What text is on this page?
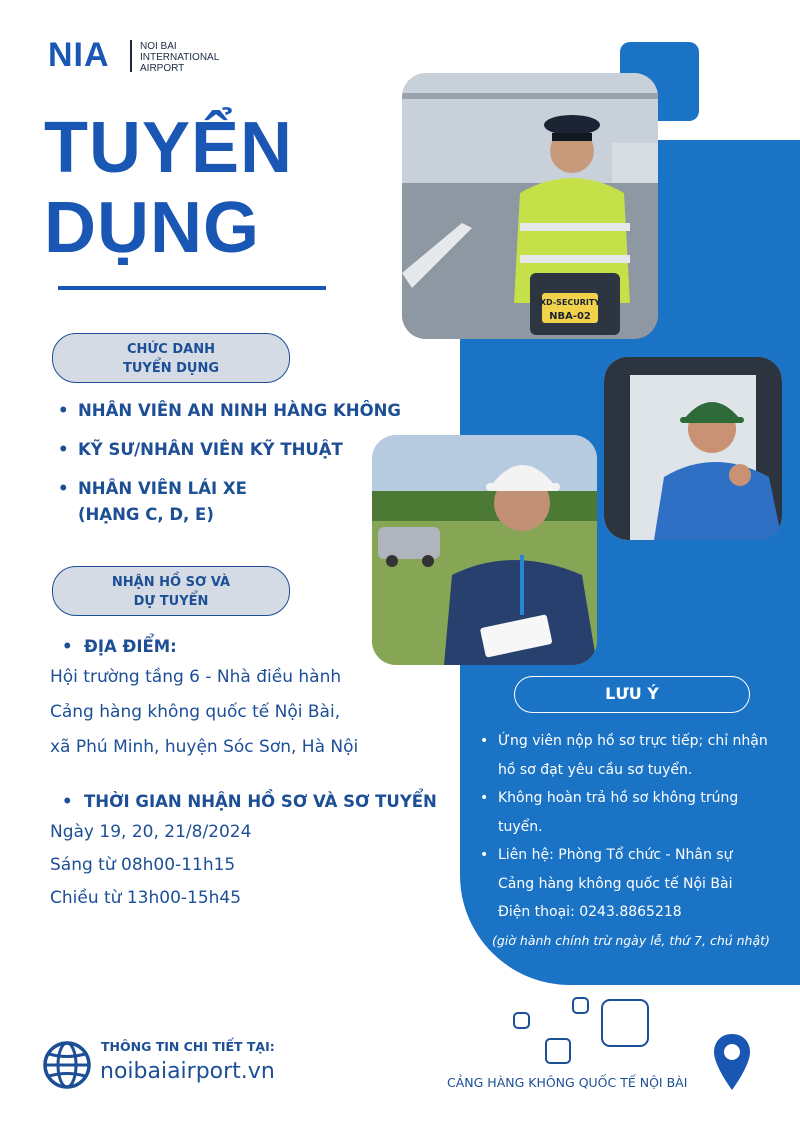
NIA	NOI BAI
INTERNATIONAL
AIRPORT
TUYỂN
DỤNG
CHỨC DANH
TUYỂN DỤNG
• NHÂN VIÊN AN NINH HÀNG KHÔNG
• KỸ SƯ/NHÂN VIÊN KỸ THUẬT
• NHÂN VIÊN LÁI XE
(HẠNG C, D, E)
NHẬN HỒ SƠ VÀ
DỰ TUYỂN
• ĐỊA ĐIỂM:
Hội trường tầng 6 - Nhà điều hành
Cảng hàng không quốc tế Nội Bài,
xã Phú Minh, huyện Sóc Sơn, Hà Nội
• THỜI GIAN NHẬN HỒ SƠ VÀ SƠ TUYỂN
Ngày 19, 20, 21/8/2024
Sáng từ 08h00-11h15
Chiều từ 13h00-15h45
XD-SECURITY
NBA-02
LƯU Ý
• Ứng viên nộp hồ sơ trực tiếp; chỉ nhận
hồ sơ đạt yêu cầu sơ tuyển.
• Không hoàn trả hồ sơ không trúng
tuyển.
• Liên hệ: Phòng Tổ chức - Nhân sự
Cảng hàng không quốc tế Nội Bài
Điện thoại: 0243.8865218
(giờ hành chính trừ ngày lễ, thứ 7, chủ nhật)
THÔNG TIN CHI TIẾT TẠI:
noibaiairport.vn	CẢNG HÀNG KHÔNG QUỐC TẾ NỘI BÀI
